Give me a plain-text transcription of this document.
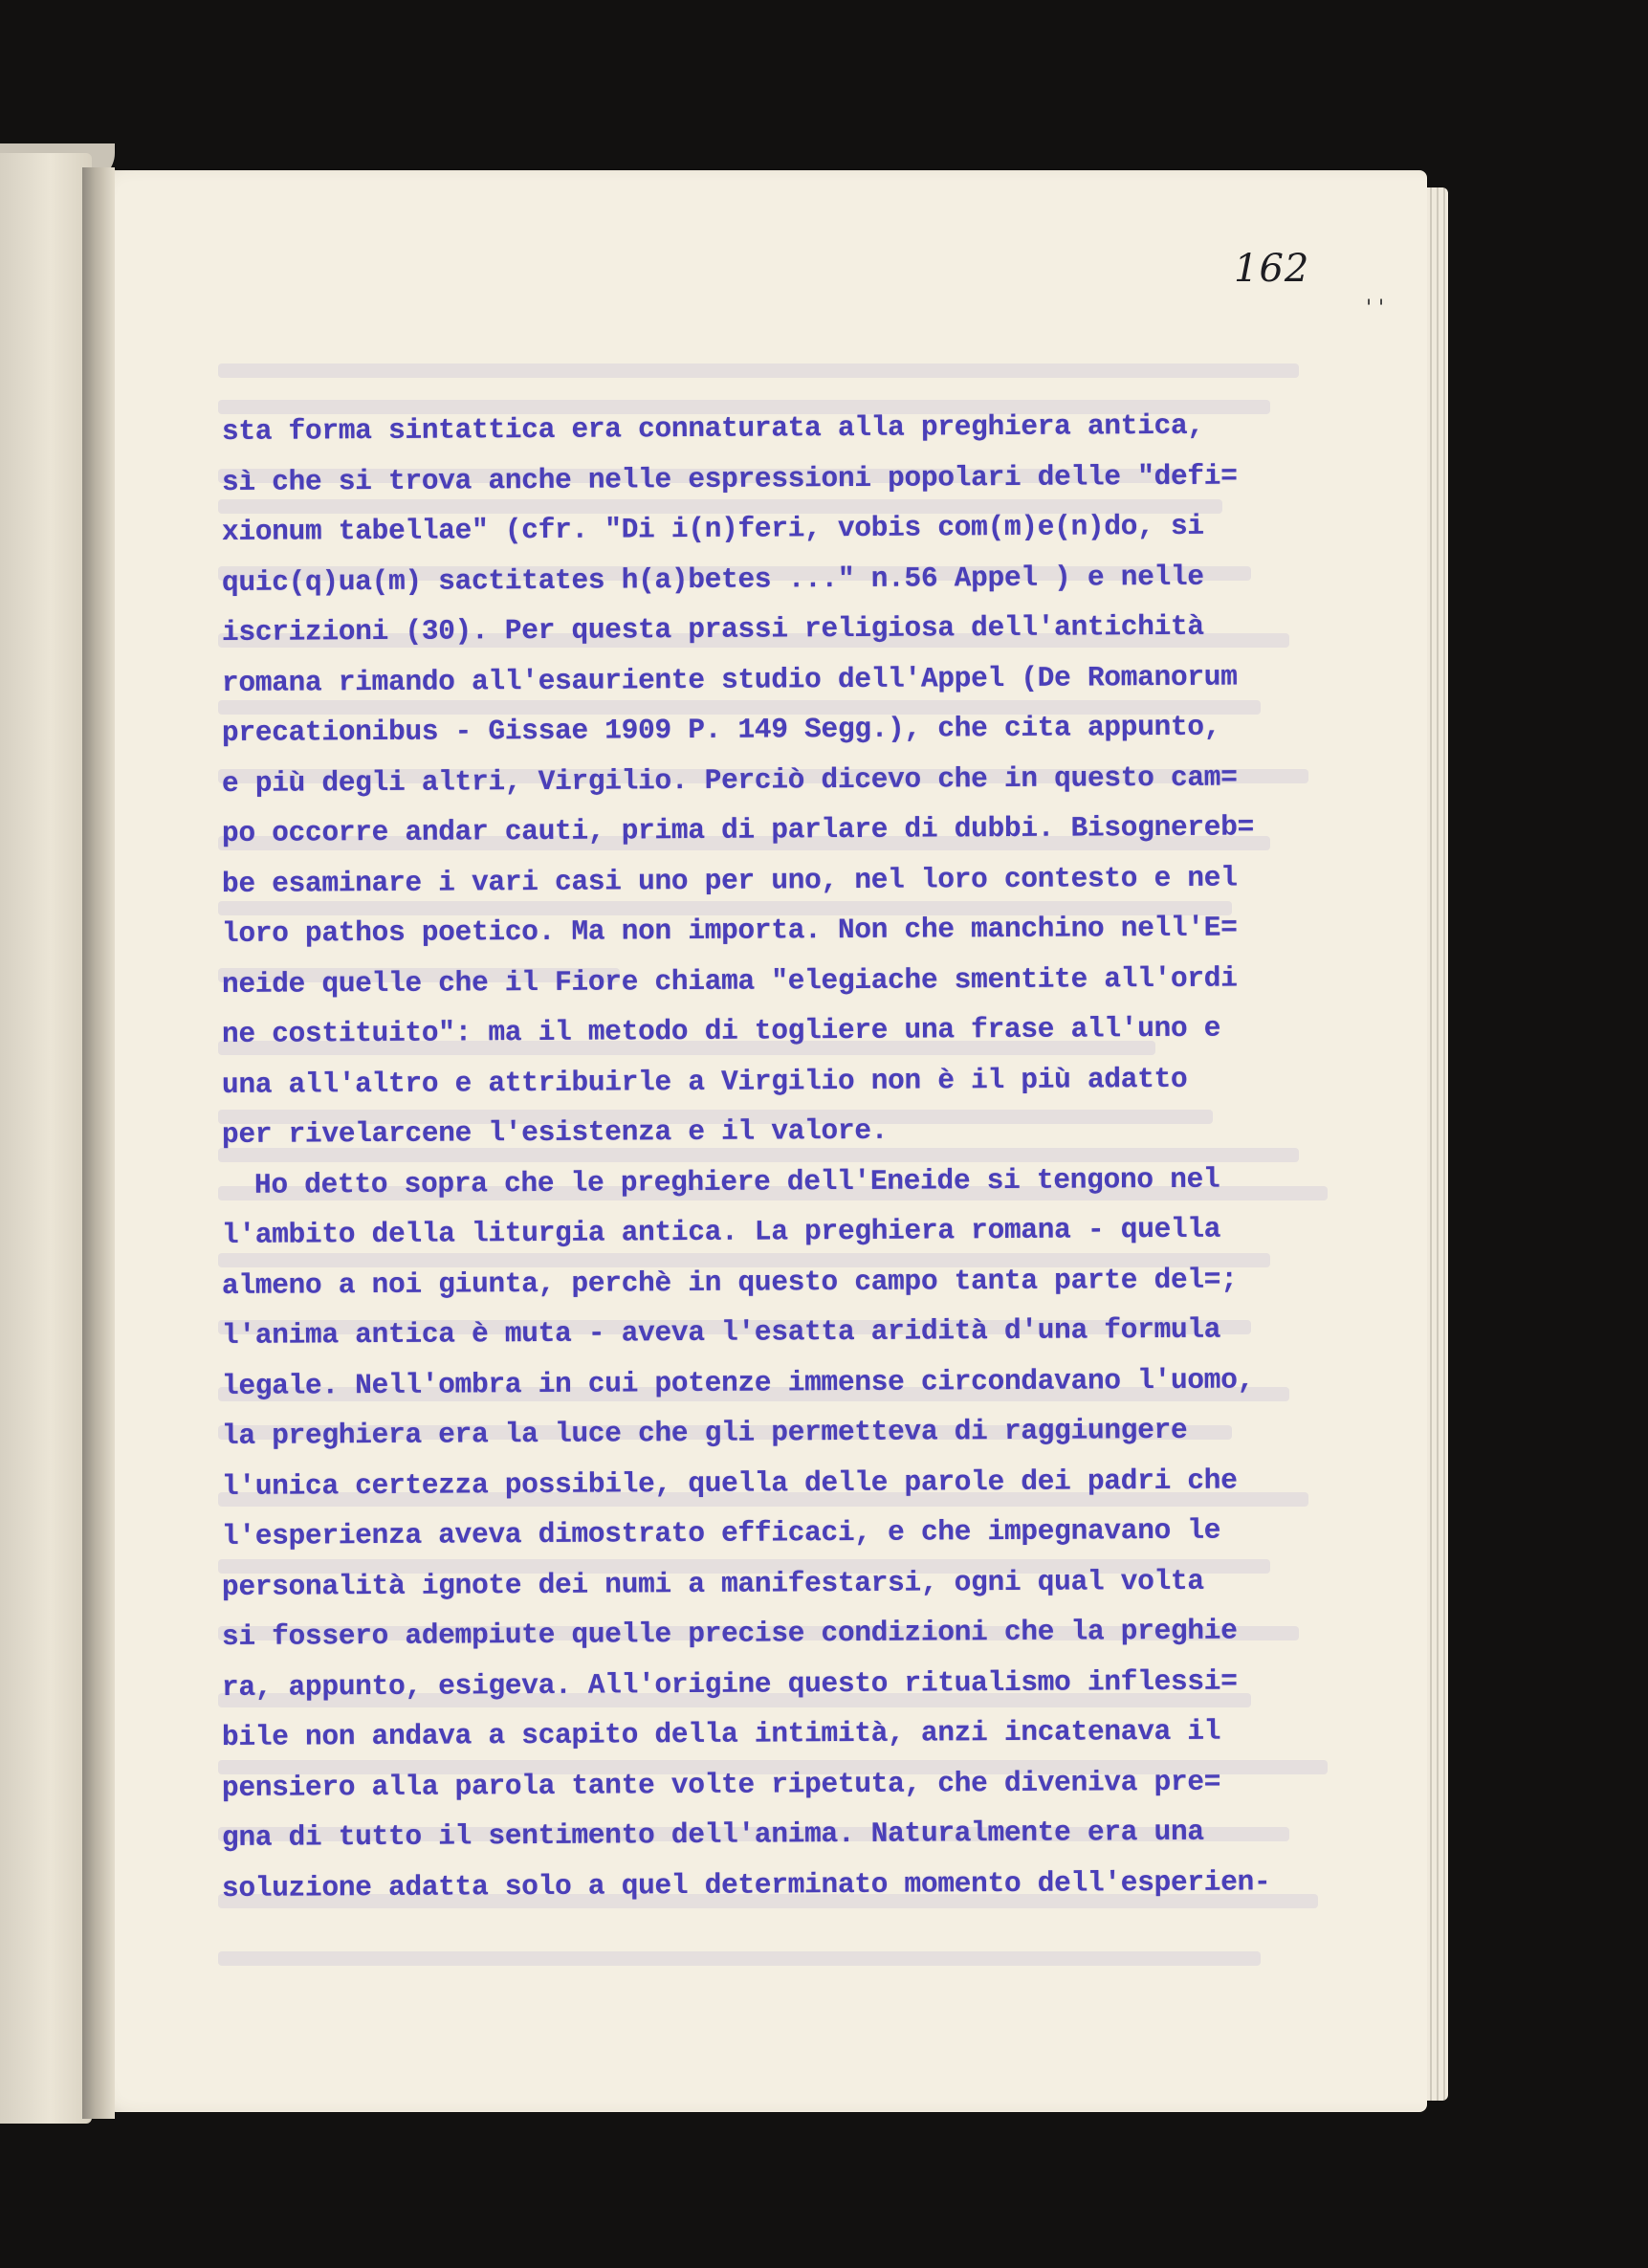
162
' '
sta forma sintattica era connaturata alla preghiera antica,
sì che si trova anche nelle espressioni popolari delle "defi=
xionum tabellae" (cfr. "Di i(n)feri, vobis com(m)e(n)do, si
quic(q)ua(m) sactitates h(a)betes ..." n.56 Appel ) e nelle
iscrizioni (30). Per questa prassi religiosa dell'antichità
romana rimando all'esauriente studio dell'Appel (De Romanorum
precationibus - Gissae 1909 P. 149 Segg.), che cita appunto,
e più degli altri, Virgilio. Perciò dicevo che in questo cam=
po occorre andar cauti, prima di parlare di dubbi. Bisognereb=
be esaminare i vari casi uno per uno, nel loro contesto e nel
loro pathos poetico. Ma non importa. Non che manchino nell'E=
neide quelle che il Fiore chiama "elegiache smentite all'ordi
ne costituito": ma il metodo di togliere una frase all'uno e
una all'altro e attribuirle a Virgilio non è il più adatto
per rivelarcene l'esistenza e il valore.
Ho detto sopra che le preghiere dell'Eneide si tengono nel
l'ambito della liturgia antica. La preghiera romana - quella
almeno a noi giunta, perchè in questo campo tanta parte del=;
l'anima antica è muta - aveva l'esatta aridità d'una formula
legale. Nell'ombra in cui potenze immense circondavano l'uomo,
la preghiera era la luce che gli permetteva di raggiungere
l'unica certezza possibile, quella delle parole dei padri che
l'esperienza aveva dimostrato efficaci, e che impegnavano le
personalità ignote dei numi a manifestarsi, ogni qual volta
si fossero adempiute quelle precise condizioni che la preghie
ra, appunto, esigeva. All'origine questo ritualismo inflessi=
bile non andava a scapito della intimità, anzi incatenava il
pensiero alla parola tante volte ripetuta, che diveniva pre=
gna di tutto il sentimento dell'anima. Naturalmente era una
soluzione adatta solo a quel determinato momento dell'esperien-
